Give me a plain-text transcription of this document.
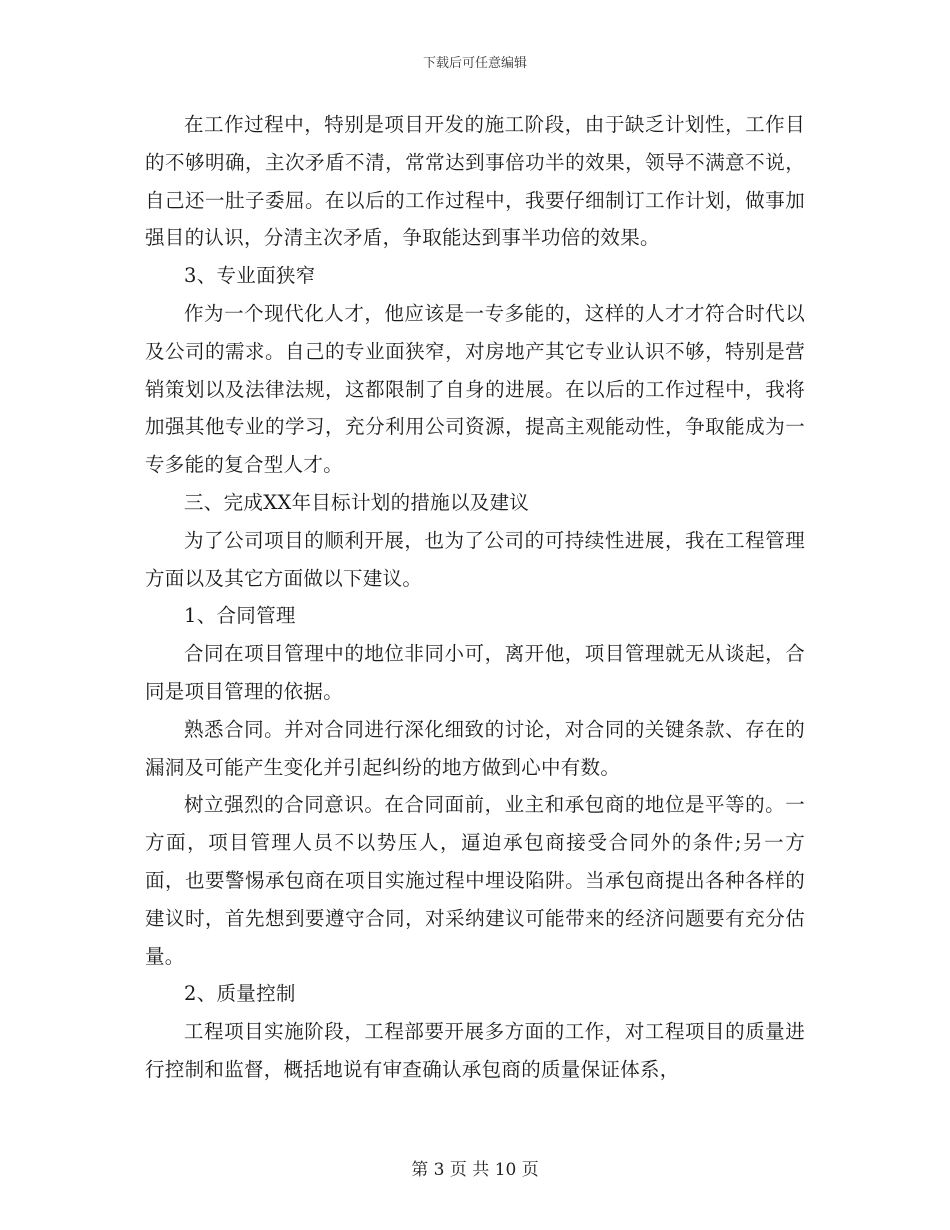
下载后可任意编辑

在工作过程中，特别是项目开发的施工阶段，由于缺乏计划性，工作目的不够明确，主次矛盾不清，常常达到事倍功半的效果，领导不满意不说，自己还一肚子委屈。在以后的工作过程中，我要仔细制订工作计划，做事加强目的认识，分清主次矛盾，争取能达到事半功倍的效果。

3、专业面狭窄

作为一个现代化人才，他应该是一专多能的，这样的人才才符合时代以及公司的需求。自己的专业面狭窄，对房地产其它专业认识不够，特别是营销策划以及法律法规，这都限制了自身的进展。在以后的工作过程中，我将加强其他专业的学习，充分利用公司资源，提高主观能动性，争取能成为一专多能的复合型人才。

三、完成XX年目标计划的措施以及建议

为了公司项目的顺利开展，也为了公司的可持续性进展，我在工程管理方面以及其它方面做以下建议。

1、合同管理

合同在项目管理中的地位非同小可，离开他，项目管理就无从谈起，合同是项目管理的依据。

熟悉合同。并对合同进行深化细致的讨论，对合同的关键条款、存在的漏洞及可能产生变化并引起纠纷的地方做到心中有数。

树立强烈的合同意识。在合同面前，业主和承包商的地位是平等的。一方面，项目管理人员不以势压人，逼迫承包商接受合同外的条件;另一方面，也要警惕承包商在项目实施过程中埋设陷阱。当承包商提出各种各样的建议时，首先想到要遵守合同，对采纳建议可能带来的经济问题要有充分估量。

2、质量控制

工程项目实施阶段，工程部要开展多方面的工作，对工程项目的质量进行控制和监督，概括地说有审查确认承包商的质量保证体系，

第 3 页 共 10 页
